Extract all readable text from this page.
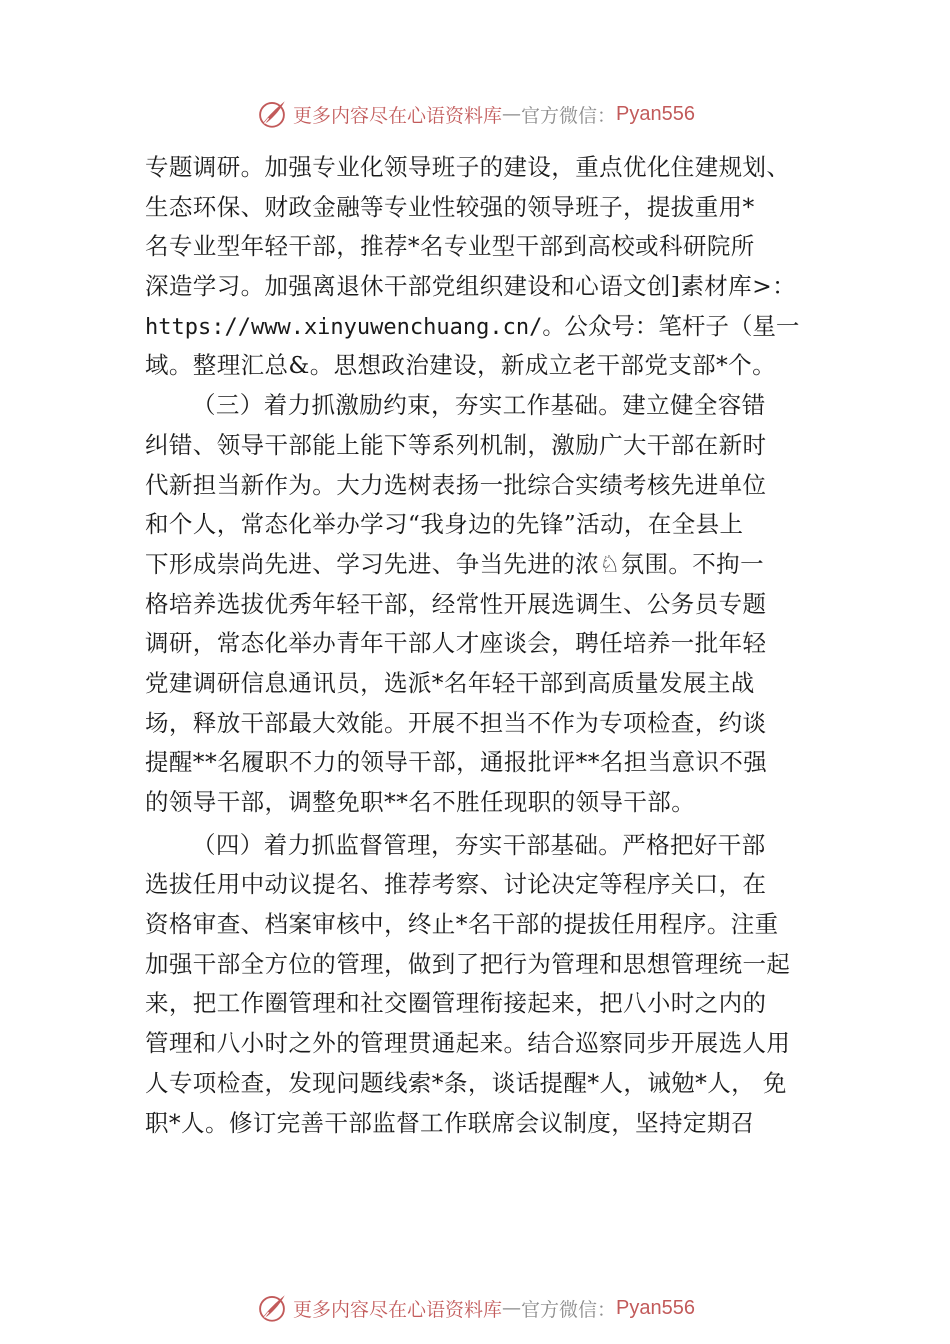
更多内容尽在心语资料库 — 官方微信： Pyan556
专题调研。加强专业化领导班子的建设，重点优化住建规划、
生态环保、财政金融等专业性较强的领导班子，提拔重用*
名专业型年轻干部，推荐*名专业型干部到高校或科研院所
深造学习。加强离退休干部党组织建设和心语文创]素材库>：
https://www.xinyuwenchuang.cn/。公众号：笔杆子（星一
域。整理汇总&。思想政治建设，新成立老干部党支部*个。
（三）着力抓激励约束，夯实工作基础。建立健全容错
纠错、领导干部能上能下等系列机制，激励广大干部在新时
代新担当新作为。大力选树表扬一批综合实绩考核先进单位
和个人，常态化举办学习“我身边的先锋”活动，在全县上
下形成崇尚先进、学习先进、争当先进的浓♘氛围。不拘一
格培养选拔优秀年轻干部，经常性开展选调生、公务员专题
调研，常态化举办青年干部人才座谈会，聘任培养一批年轻
党建调研信息通讯员，选派*名年轻干部到高质量发展主战
场，释放干部最大效能。开展不担当不作为专项检查，约谈
提醒**名履职不力的领导干部，通报批评**名担当意识不强
的领导干部，调整免职**名不胜任现职的领导干部。
（四）着力抓监督管理，夯实干部基础。严格把好干部
选拔任用中动议提名、推荐考察、讨论决定等程序关口，在
资格审查、档案审核中，终止*名干部的提拔任用程序。注重
加强干部全方位的管理，做到了把行为管理和思想管理统一起
来，把工作圈管理和社交圈管理衔接起来，把八小时之内的
管理和八小时之外的管理贯通起来。结合巡察同步开展选人用
人专项检查，发现问题线索*条，谈话提醒*人，诫勉*人， 免
职*人。修订完善干部监督工作联席会议制度，坚持定期召
更多内容尽在心语资料库 — 官方微信： Pyan556
